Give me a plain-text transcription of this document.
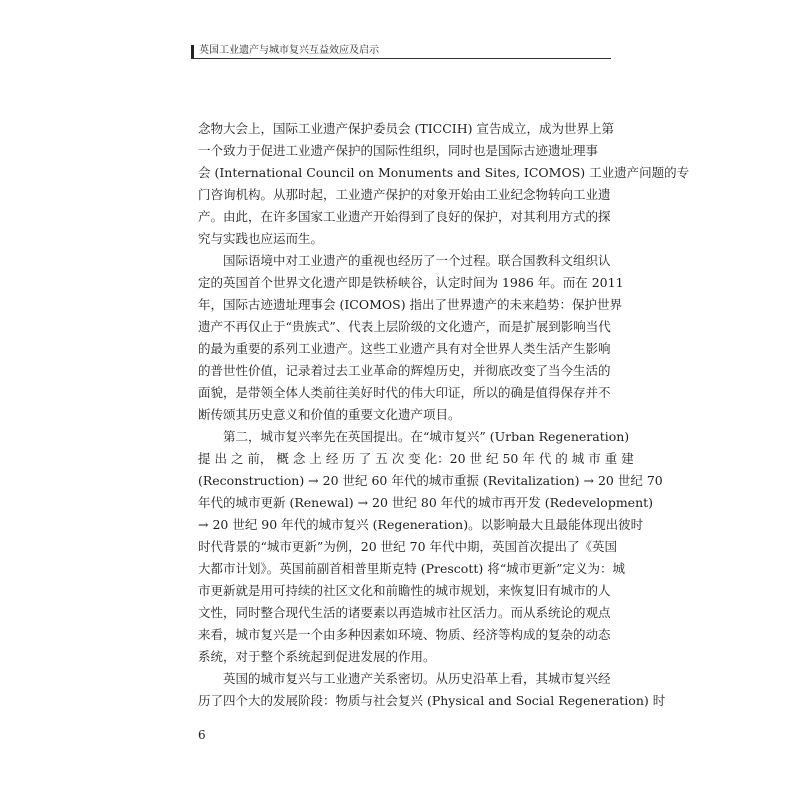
英国工业遗产与城市复兴互益效应及启示
念物大会上，国际工业遗产保护委员会 (TICCIH) 宣告成立，成为世界上第
一个致力于促进工业遗产保护的国际性组织，同时也是国际古迹遗址理事
会 (International Council on Monuments and Sites, ICOMOS) 工业遗产问题的专
门咨询机构。从那时起，工业遗产保护的对象开始由工业纪念物转向工业遗
产。由此，在许多国家工业遗产开始得到了良好的保护，对其利用方式的探
究与实践也应运而生。
国际语境中对工业遗产的重视也经历了一个过程。联合国教科文组织认
定的英国首个世界文化遗产即是铁桥峡谷，认定时间为 1986 年。而在 2011
年，国际古迹遗址理事会 (ICOMOS) 指出了世界遗产的未来趋势：保护世界
遗产不再仅止于“贵族式”、代表上层阶级的文化遗产，而是扩展到影响当代
的最为重要的系列工业遗产。这些工业遗产具有对全世界人类生活产生影响
的普世性价值，记录着过去工业革命的辉煌历史，并彻底改变了当今生活的
面貌，是带领全体人类前往美好时代的伟大印证，所以的确是值得保存并不
断传颂其历史意义和价值的重要文化遗产项目。
第二，城市复兴率先在英国提出。在“城市复兴” (Urban Regeneration)
提 出 之 前， 概 念 上 经 历 了 五 次 变 化：20 世 纪 50 年 代 的 城 市 重 建
(Reconstruction) → 20 世纪 60 年代的城市重振 (Revitalization) → 20 世纪 70
年代的城市更新 (Renewal) → 20 世纪 80 年代的城市再开发 (Redevelopment)
→ 20 世纪 90 年代的城市复兴 (Regeneration)。以影响最大且最能体现出彼时
时代背景的“城市更新”为例，20 世纪 70 年代中期，英国首次提出了《英国
大都市计划》。英国前副首相普里斯克特 (Prescott) 将“城市更新”定义为：城
市更新就是用可持续的社区文化和前瞻性的城市规划，来恢复旧有城市的人
文性，同时整合现代生活的诸要素以再造城市社区活力。而从系统论的观点
来看，城市复兴是一个由多种因素如环境、物质、经济等构成的复杂的动态
系统，对于整个系统起到促进发展的作用。
英国的城市复兴与工业遗产关系密切。从历史沿革上看，其城市复兴经
历了四个大的发展阶段：物质与社会复兴 (Physical and Social Regeneration) 时
6
